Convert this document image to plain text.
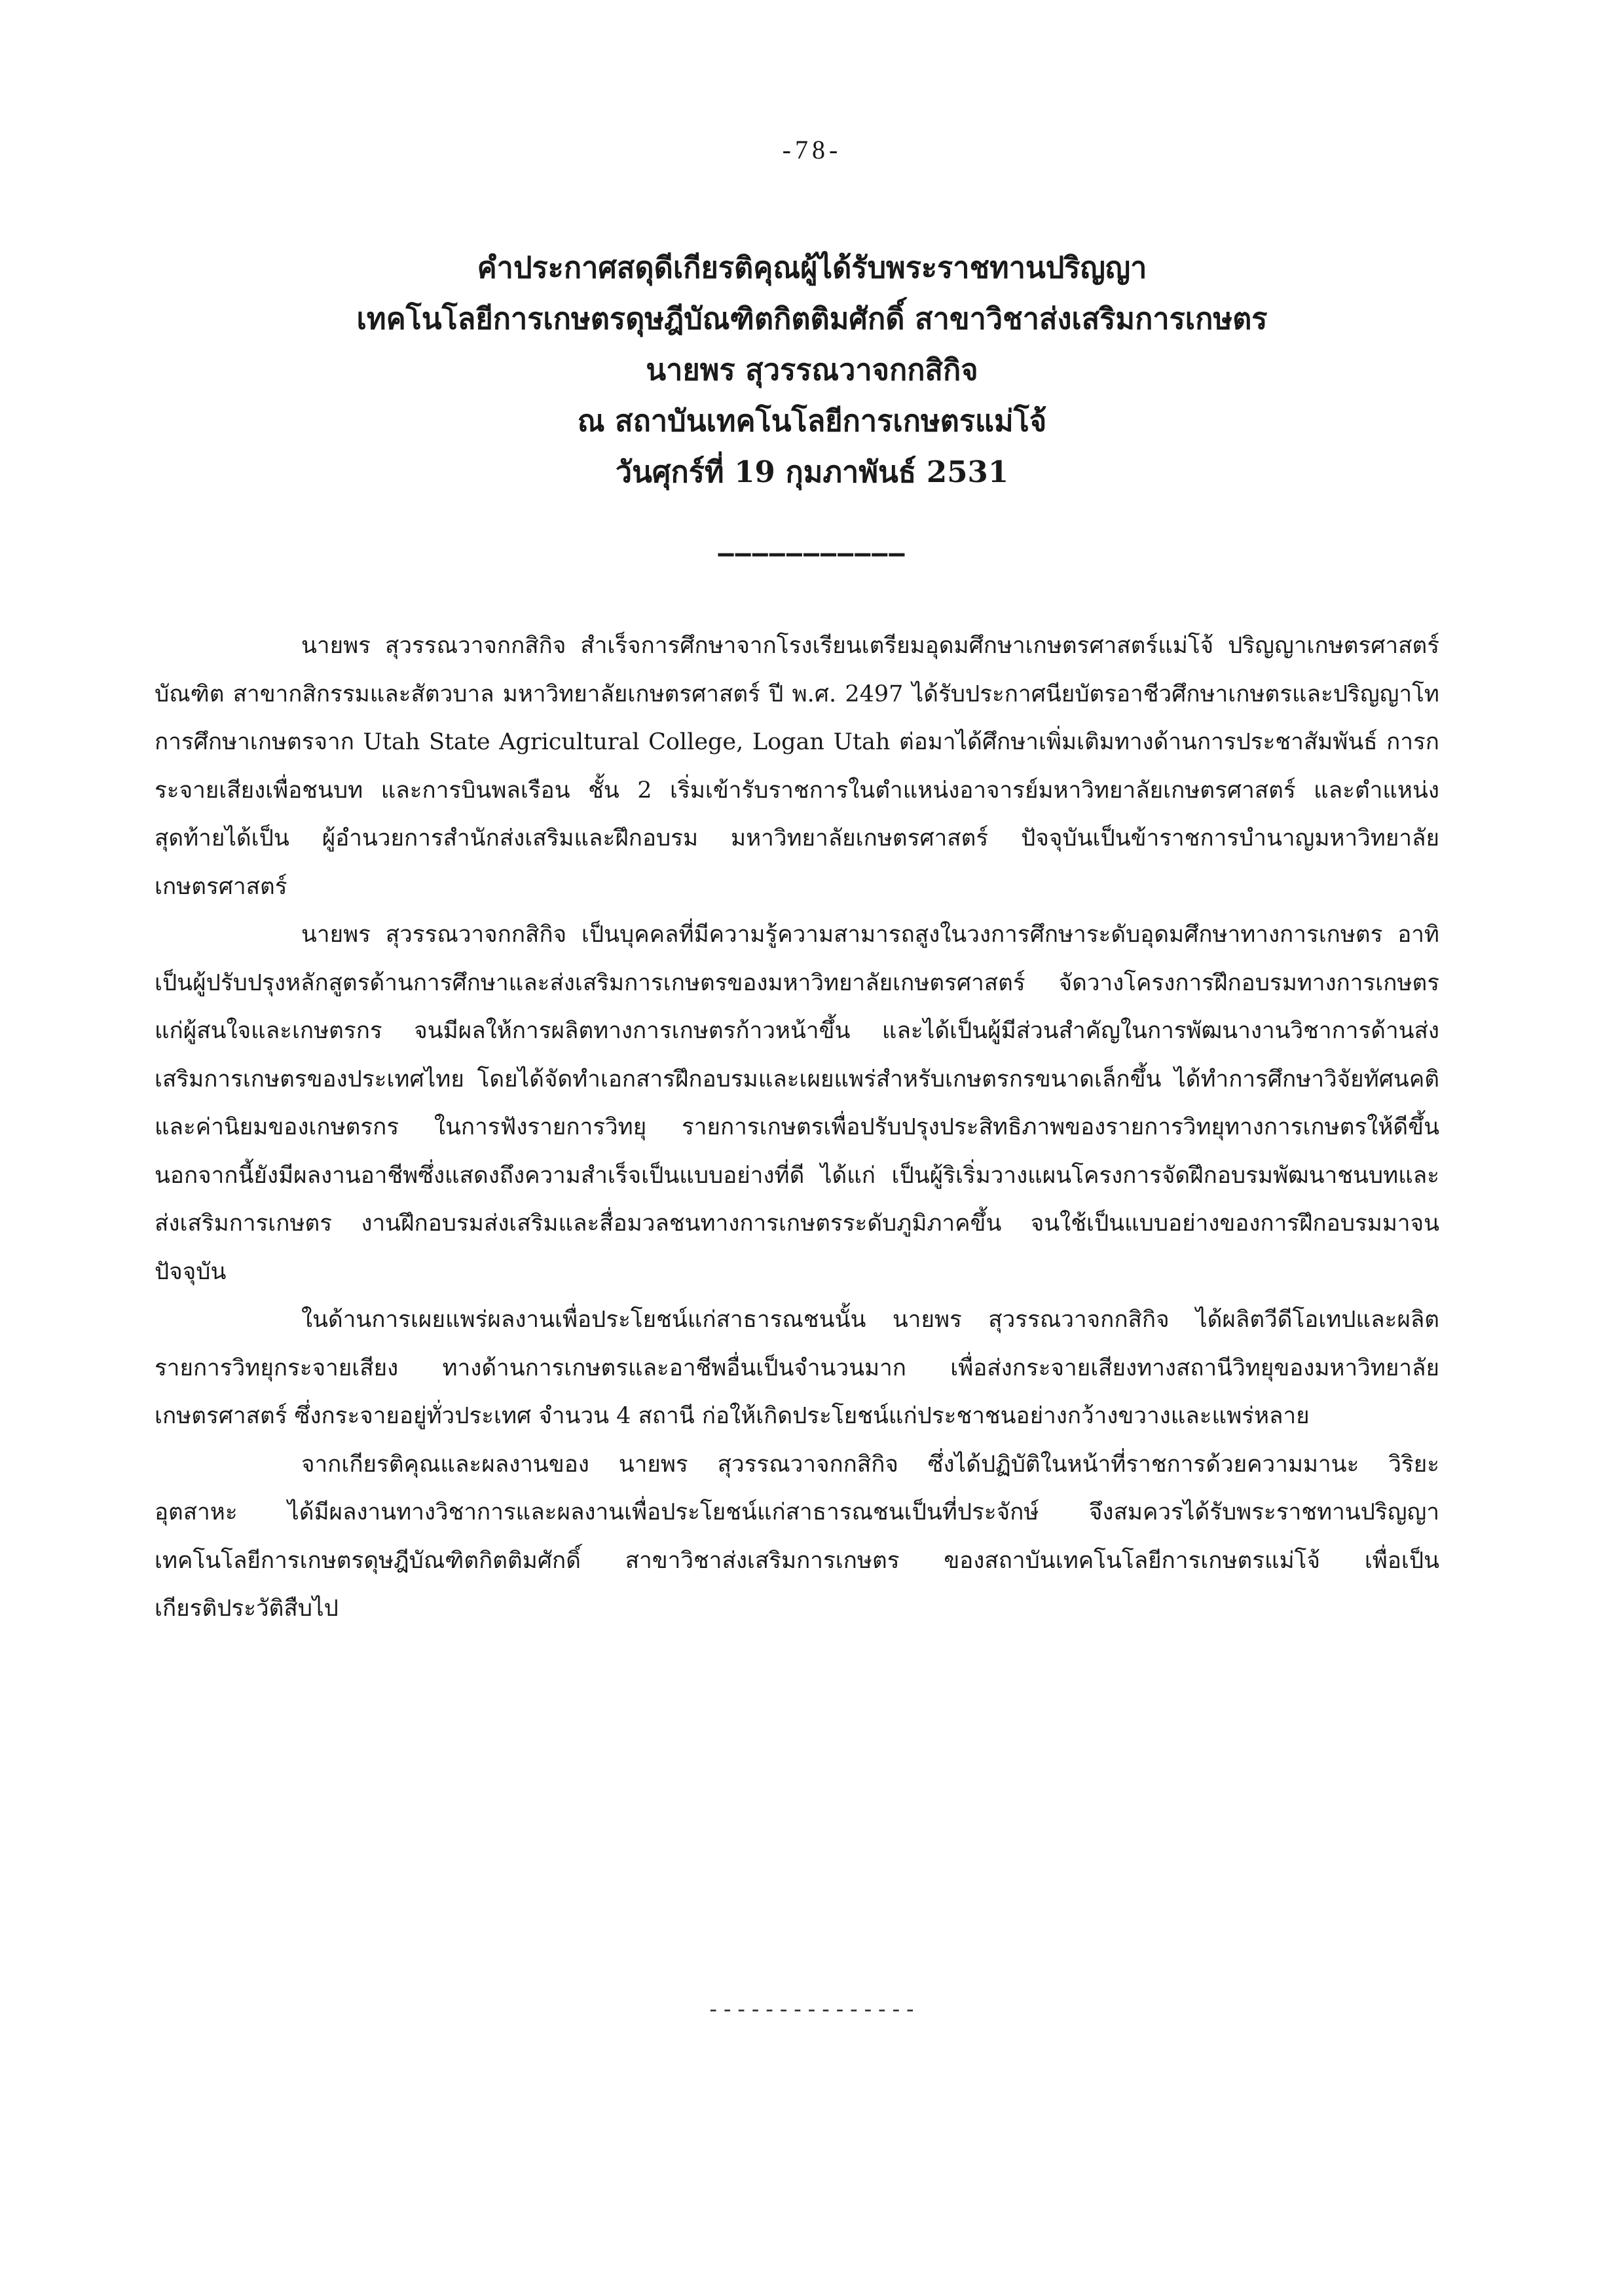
-78-
คำประกาศสดุดีเกียรติคุณผู้ได้รับพระราชทานปริญญา
เทคโนโลยีการเกษตรดุษฎีบัณฑิตกิตติมศักดิ์ สาขาวิชาส่งเสริมการเกษตร
นายพร สุวรรณวาจกกสิกิจ
ณ สถาบันเทคโนโลยีการเกษตรแม่โจ้
วันศุกร์ที่ 19 กุมภาพันธ์ 2531
———————————

นายพร สุวรรณวาจกกสิกิจ สำเร็จการศึกษาจากโรงเรียนเตรียมอุดมศึกษาเกษตรศาสตร์แม่โจ้ ปริญญาเกษตรศาสตร์บัณฑิต สาขากสิกรรมและสัตวบาล มหาวิทยาลัยเกษตรศาสตร์ ปี พ.ศ. 2497 ได้รับประกาศนียบัตรอาชีวศึกษาเกษตรและปริญญาโทการศึกษาเกษตรจาก Utah State Agricultural College, Logan Utah ต่อมาได้ศึกษาเพิ่มเติมทางด้านการประชาสัมพันธ์ การกระจายเสียงเพื่อชนบท และการบินพลเรือน ชั้น 2 เริ่มเข้ารับราชการในตำแหน่งอาจารย์มหาวิทยาลัยเกษตรศาสตร์ และตำแหน่งสุดท้ายได้เป็น ผู้อำนวยการสำนักส่งเสริมและฝึกอบรม มหาวิทยาลัยเกษตรศาสตร์ ปัจจุบันเป็นข้าราชการบำนาญมหาวิทยาลัยเกษตรศาสตร์

นายพร สุวรรณวาจกกสิกิจ เป็นบุคคลที่มีความรู้ความสามารถสูงในวงการศึกษาระดับอุดมศึกษาทางการเกษตร อาทิ เป็นผู้ปรับปรุงหลักสูตรด้านการศึกษาและส่งเสริมการเกษตรของมหาวิทยาลัยเกษตรศาสตร์ จัดวางโครงการฝึกอบรมทางการเกษตรแก่ผู้สนใจและเกษตรกร จนมีผลให้การผลิตทางการเกษตรก้าวหน้าขึ้น และได้เป็นผู้มีส่วนสำคัญในการพัฒนางานวิชาการด้านส่งเสริมการเกษตรของประเทศไทย โดยได้จัดทำเอกสารฝึกอบรมและเผยแพร่สำหรับเกษตรกรขนาดเล็กขึ้น ได้ทำการศึกษาวิจัยทัศนคติและค่านิยมของเกษตรกร ในการฟังรายการวิทยุ รายการเกษตรเพื่อปรับปรุงประสิทธิภาพของรายการวิทยุทางการเกษตรให้ดีขึ้น นอกจากนี้ยังมีผลงานอาชีพซึ่งแสดงถึงความสำเร็จเป็นแบบอย่างที่ดี ได้แก่ เป็นผู้ริเริ่มวางแผนโครงการจัดฝึกอบรมพัฒนาชนบทและส่งเสริมการเกษตร งานฝึกอบรมส่งเสริมและสื่อมวลชนทางการเกษตรระดับภูมิภาคขึ้น จนใช้เป็นแบบอย่างของการฝึกอบรมมาจนปัจจุบัน

ในด้านการเผยแพร่ผลงานเพื่อประโยชน์แก่สาธารณชนนั้น นายพร สุวรรณวาจกกสิกิจ ได้ผลิตวีดีโอเทปและผลิตรายการวิทยุกระจายเสียง ทางด้านการเกษตรและอาชีพอื่นเป็นจำนวนมาก เพื่อส่งกระจายเสียงทางสถานีวิทยุของมหาวิทยาลัยเกษตรศาสตร์ ซึ่งกระจายอยู่ทั่วประเทศ จำนวน 4 สถานี ก่อให้เกิดประโยชน์แก่ประชาชนอย่างกว้างขวางและแพร่หลาย

จากเกียรติคุณและผลงานของ นายพร สุวรรณวาจกกสิกิจ ซึ่งได้ปฏิบัติในหน้าที่ราชการด้วยความมานะ วิริยะ อุตสาหะ ได้มีผลงานทางวิชาการและผลงานเพื่อประโยชน์แก่สาธารณชนเป็นที่ประจักษ์ จึงสมควรได้รับพระราชทานปริญญาเทคโนโลยีการเกษตรดุษฎีบัณฑิตกิตติมศักดิ์ สาขาวิชาส่งเสริมการเกษตร ของสถาบันเทคโนโลยีการเกษตรแม่โจ้ เพื่อเป็นเกียรติประวัติสืบไป

---------------
